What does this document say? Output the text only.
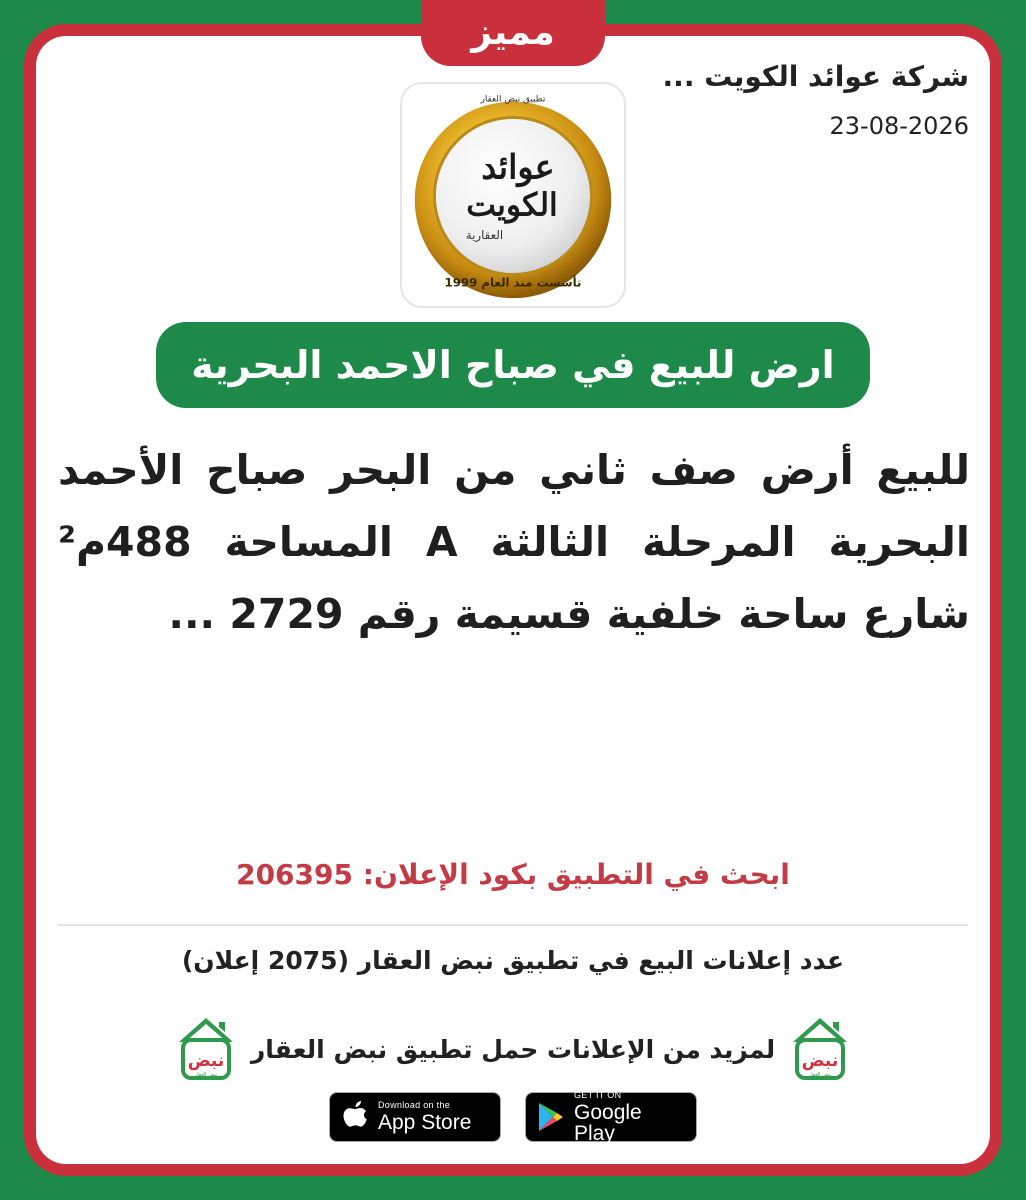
مميز
شركة عوائد الكويت ...
23-08-2026
تطبيق نبض العقار
عوائد
الكويت
العقارية
تأسست منذ العام 1999
ارض للبيع في صباح الاحمد البحرية
للبيع أرض صف ثاني من البحر صباح الأحمد البحرية المرحلة الثالثة A المساحة 488م² شارع ساحة خلفية قسيمة رقم 2729 ...
ابحث في التطبيق بكود الإعلان: 206395
عدد إعلانات البيع في تطبيق نبض العقار (2075 إعلان)
نبض
نبض العقار
لمزيد من الإعلانات حمل تطبيق نبض العقار
نبض
نبض العقار
Download on the
App Store
GET IT ON
Google Play
